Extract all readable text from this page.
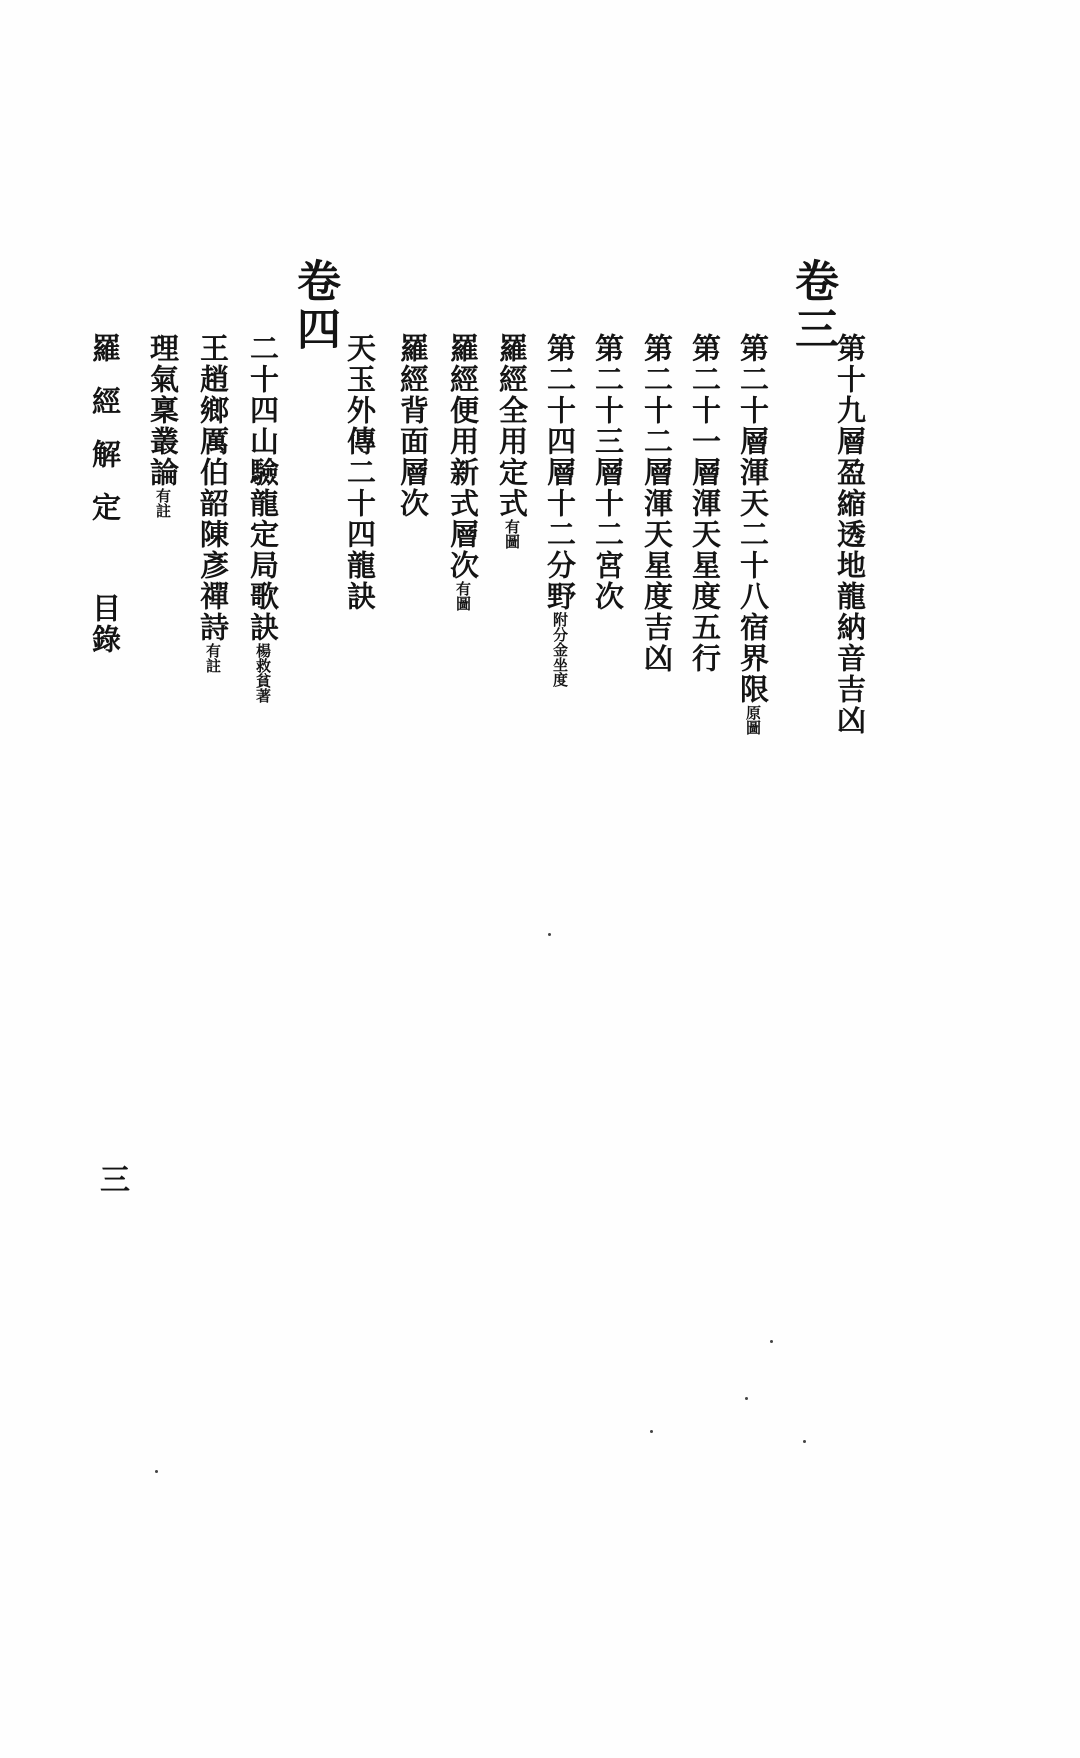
卷三
第十九層盈縮透地龍納音吉凶
第二十層渾天二十八宿界限原圖
第二十一層渾天星度五行
第二十二層渾天星度吉凶
第二十三層十二宮次
第二十四層十二分野附分金坐度
羅經全用定式有圖
羅經便用新式層次有圖
羅經背面層次
天玉外傳二十四龍訣
卷四
二十四山驗龍定局歌訣楊救貧著
王趙鄉厲伯韶陳彥禪詩有註
理氣稟叢論有註
羅經解定目錄
三
